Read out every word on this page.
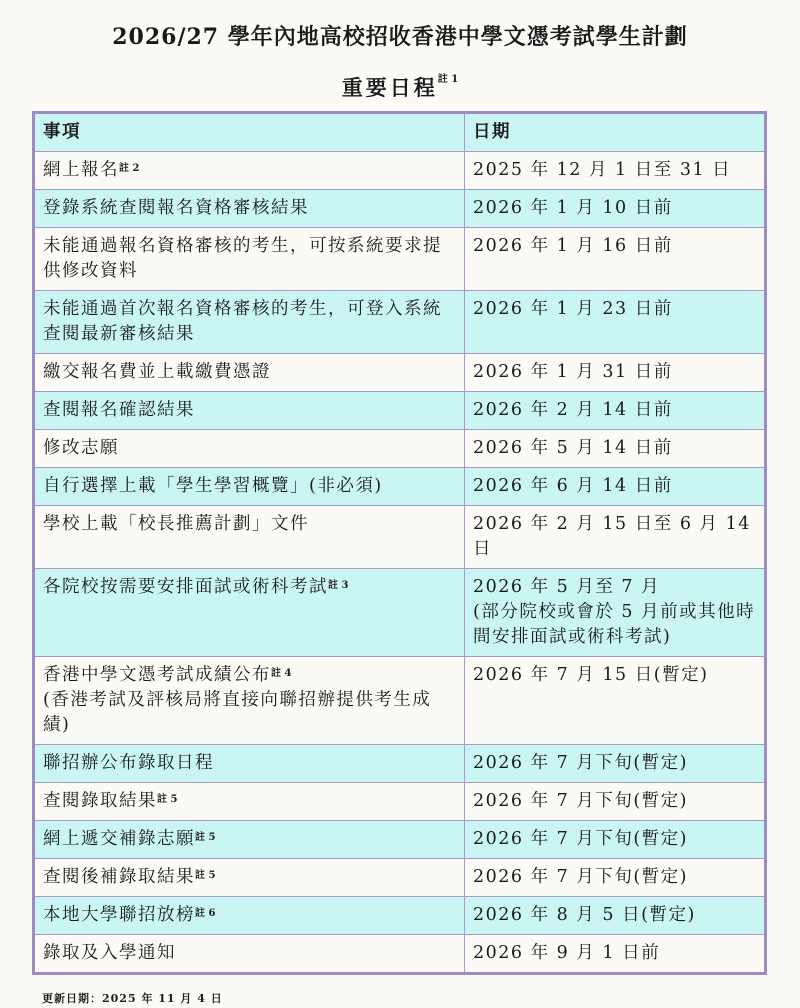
2026/27 學年內地高校招收香港中學文憑考試學生計劃
重要日程$^{註 1}$
事項	日期
網上報名$^{註 2}$	2025 年 12 月 1 日至 31 日
登錄系統查閱報名資格審核結果	2026 年 1 月 10 日前
未能通過報名資格審核的考生，可按系統要求提供修改資料	2026 年 1 月 16 日前
未能通過首次報名資格審核的考生，可登入系統查閱最新審核結果	2026 年 1 月 23 日前
繳交報名費並上載繳費憑證	2026 年 1 月 31 日前
查閱報名確認結果	2026 年 2 月 14 日前
修改志願	2026 年 5 月 14 日前
自行選擇上載「學生學習概覽」(非必須)	2026 年 6 月 14 日前
學校上載「校長推薦計劃」文件	2026 年 2 月 15 日至 6 月 14 日
各院校按需要安排面試或術科考試$^{註 3}$	2026 年 5 月至 7 月
(部分院校或會於 5 月前或其他時間安排面試或術科考試)
香港中學文憑考試成績公布$^{註 4}$
(香港考試及評核局將直接向聯招辦提供考生成績)	2026 年 7 月 15 日(暫定)
聯招辦公布錄取日程	2026 年 7 月下旬(暫定)
查閱錄取結果$^{註 5}$	2026 年 7 月下旬(暫定)
網上遞交補錄志願$^{註 5}$	2026 年 7 月下旬(暫定)
查閱後補錄取結果$^{註 5}$	2026 年 7 月下旬(暫定)
本地大學聯招放榜$^{註 6}$	2026 年 8 月 5 日(暫定)
錄取及入學通知	2026 年 9 月 1 日前
更新日期：2025 年 11 月 4 日
